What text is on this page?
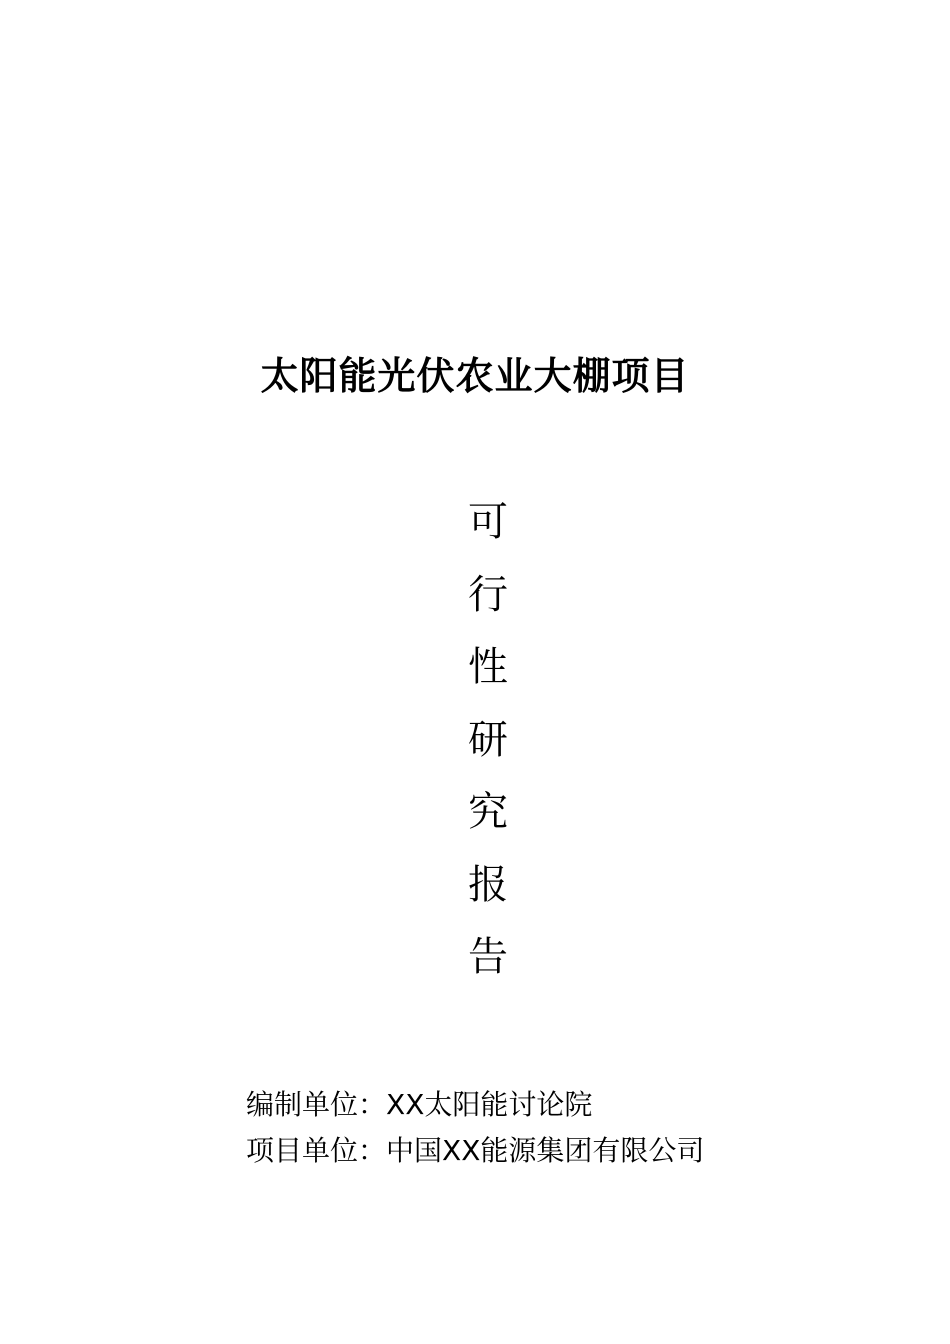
太阳能光伏农业大棚项目
可
行
性
研
究
报
告
编制单位：XX太阳能讨论院
项目单位：中国XX能源集团有限公司
